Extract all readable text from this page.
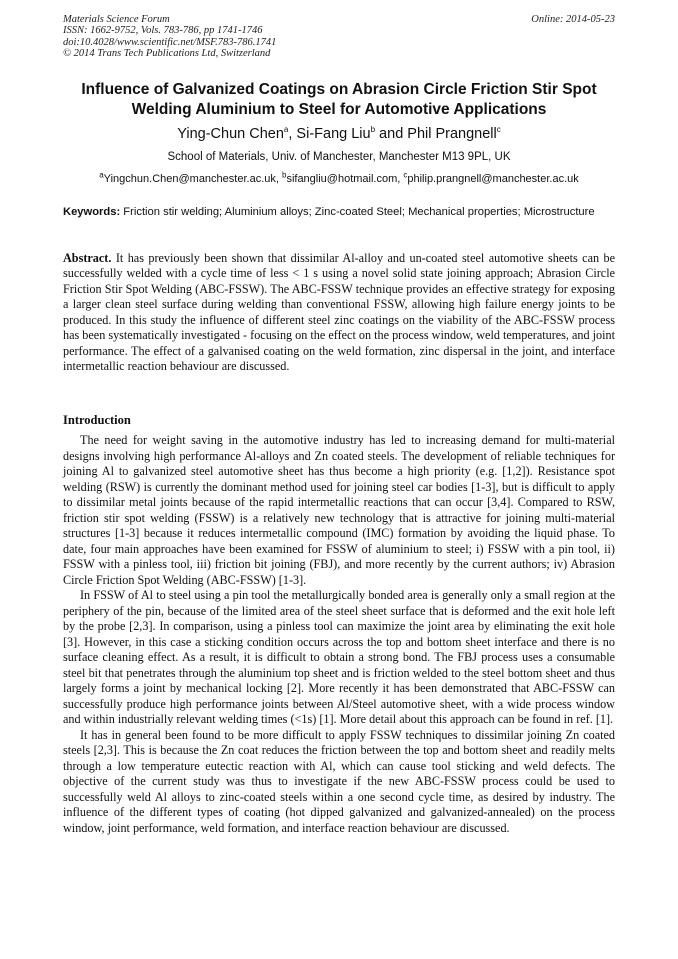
Materials Science Forum
ISSN: 1662-9752, Vols. 783-786, pp 1741-1746
doi:10.4028/www.scientific.net/MSF.783-786.1741
© 2014 Trans Tech Publications Ltd, Switzerland
Online: 2014-05-23
Influence of Galvanized Coatings on Abrasion Circle Friction Stir Spot Welding Aluminium to Steel for Automotive Applications
Ying-Chun Chen$^a$, Si-Fang Liu$^b$ and Phil Prangnell$^c$
School of Materials, Univ. of Manchester, Manchester M13 9PL, UK
$^a$Yingchun.Chen@manchester.ac.uk, $^b$sifangliu@hotmail.com, $^c$philip.prangnell@manchester.ac.uk
Keywords: Friction stir welding; Aluminium alloys; Zinc-coated Steel; Mechanical properties; Microstructure
Abstract. It has previously been shown that dissimilar Al-alloy and un-coated steel automotive sheets can be successfully welded with a cycle time of less < 1 s using a novel solid state joining approach; Abrasion Circle Friction Stir Spot Welding (ABC-FSSW). The ABC-FSSW technique provides an effective strategy for exposing a larger clean steel surface during welding than conventional FSSW, allowing high failure energy joints to be produced. In this study the influence of different steel zinc coatings on the viability of the ABC-FSSW process has been systematically investigated - focusing on the effect on the process window, weld temperatures, and joint performance. The effect of a galvanised coating on the weld formation, zinc dispersal in the joint, and interface intermetallic reaction behaviour are discussed.
Introduction

The need for weight saving in the automotive industry has led to increasing demand for multi-material designs involving high performance Al-alloys and Zn coated steels. The development of reliable techniques for joining Al to galvanized steel automotive sheet has thus become a high priority (e.g. [1,2]). Resistance spot welding (RSW) is currently the dominant method used for joining steel car bodies [1-3], but is difficult to apply to dissimilar metal joints because of the rapid intermetallic reactions that can occur [3,4]. Compared to RSW, friction stir spot welding (FSSW) is a relatively new technology that is attractive for joining multi-material structures [1-3] because it reduces intermetallic compound (IMC) formation by avoiding the liquid phase. To date, four main approaches have been examined for FSSW of aluminium to steel; i) FSSW with a pin tool, ii) FSSW with a pinless tool, iii) friction bit joining (FBJ), and more recently by the current authors; iv) Abrasion Circle Friction Spot Welding (ABC-FSSW) [1-3].

In FSSW of Al to steel using a pin tool the metallurgically bonded area is generally only a small region at the periphery of the pin, because of the limited area of the steel sheet surface that is deformed and the exit hole left by the probe [2,3]. In comparison, using a pinless tool can maximize the joint area by eliminating the exit hole [3]. However, in this case a sticking condition occurs across the top and bottom sheet interface and there is no surface cleaning effect. As a result, it is difficult to obtain a strong bond. The FBJ process uses a consumable steel bit that penetrates through the aluminium top sheet and is friction welded to the steel bottom sheet and thus largely forms a joint by mechanical locking [2]. More recently it has been demonstrated that ABC-FSSW can successfully produce high performance joints between Al/Steel automotive sheet, with a wide process window and within industrially relevant welding times (<1s) [1]. More detail about this approach can be found in ref. [1].

It has in general been found to be more difficult to apply FSSW techniques to dissimilar joining Zn coated steels [2,3]. This is because the Zn coat reduces the friction between the top and bottom sheet and readily melts through a low temperature eutectic reaction with Al, which can cause tool sticking and weld defects. The objective of the current study was thus to investigate if the new ABC-FSSW process could be used to successfully weld Al alloys to zinc-coated steels within a one second cycle time, as desired by industry. The influence of the different types of coating (hot dipped galvanized and galvanized-annealed) on the process window, joint performance, weld formation, and interface reaction behaviour are discussed.
